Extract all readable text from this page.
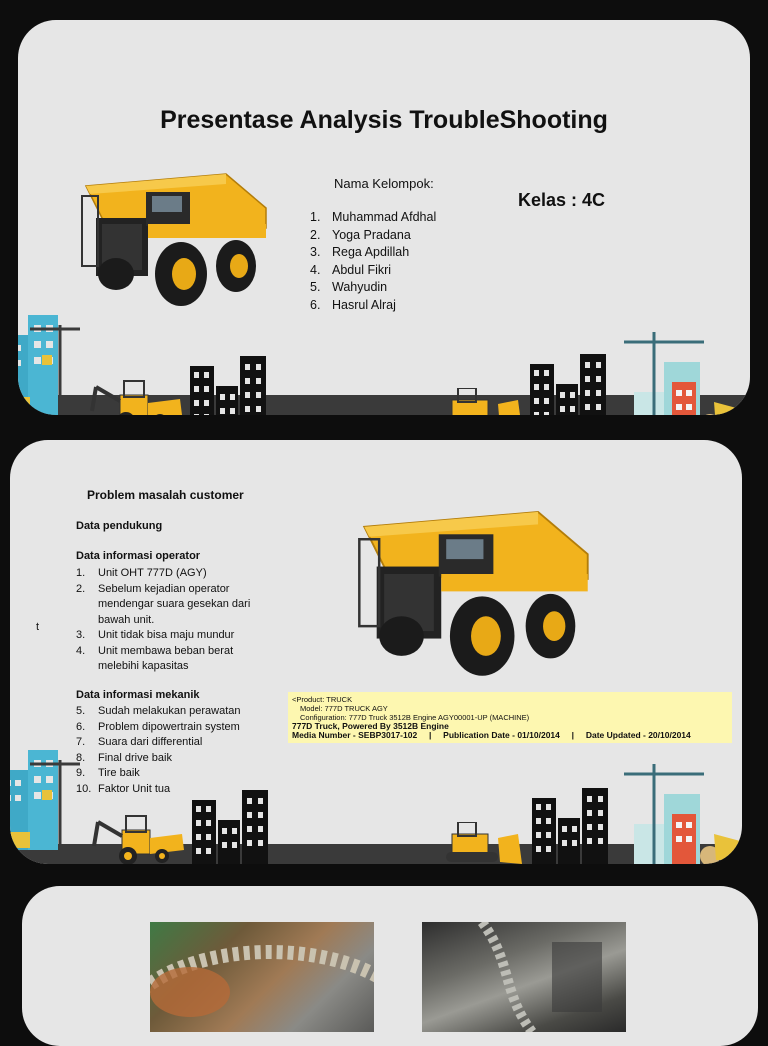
Presentase Analysis TroubleShooting
Nama Kelompok:
Kelas : 4C
1. Muhammad Afdhal
2. Yoga Pradana
3. Rega Apdillah
4. Abdul Fikri
5. Wahyudin
6. Hasrul Alraj
Problem masalah customer
Data pendukung
Data informasi operator
1. Unit OHT 777D (AGY)
2. Sebelum kejadian operator mendengar suara gesekan dari bawah unit.
3. Unit tidak bisa maju mundur
4. Unit membawa beban berat melebihi kapasitas
t
Data informasi mekanik
5. Sudah melakukan perawatan
6. Problem dipowertrain system
7. Suara dari differential
8. Final drive baik
9. Tire baik
10. Faktor Unit tua
<Product: TRUCK
Model: 777D TRUCK AGY
Configuration: 777D Truck 3512B Engine AGY00001-UP (MACHINE)
777D Truck, Powered By 3512B Engine
Media Number - SEBP3017-102     |     Publication Date - 01/10/2014     |     Date Updated - 20/10/2014
